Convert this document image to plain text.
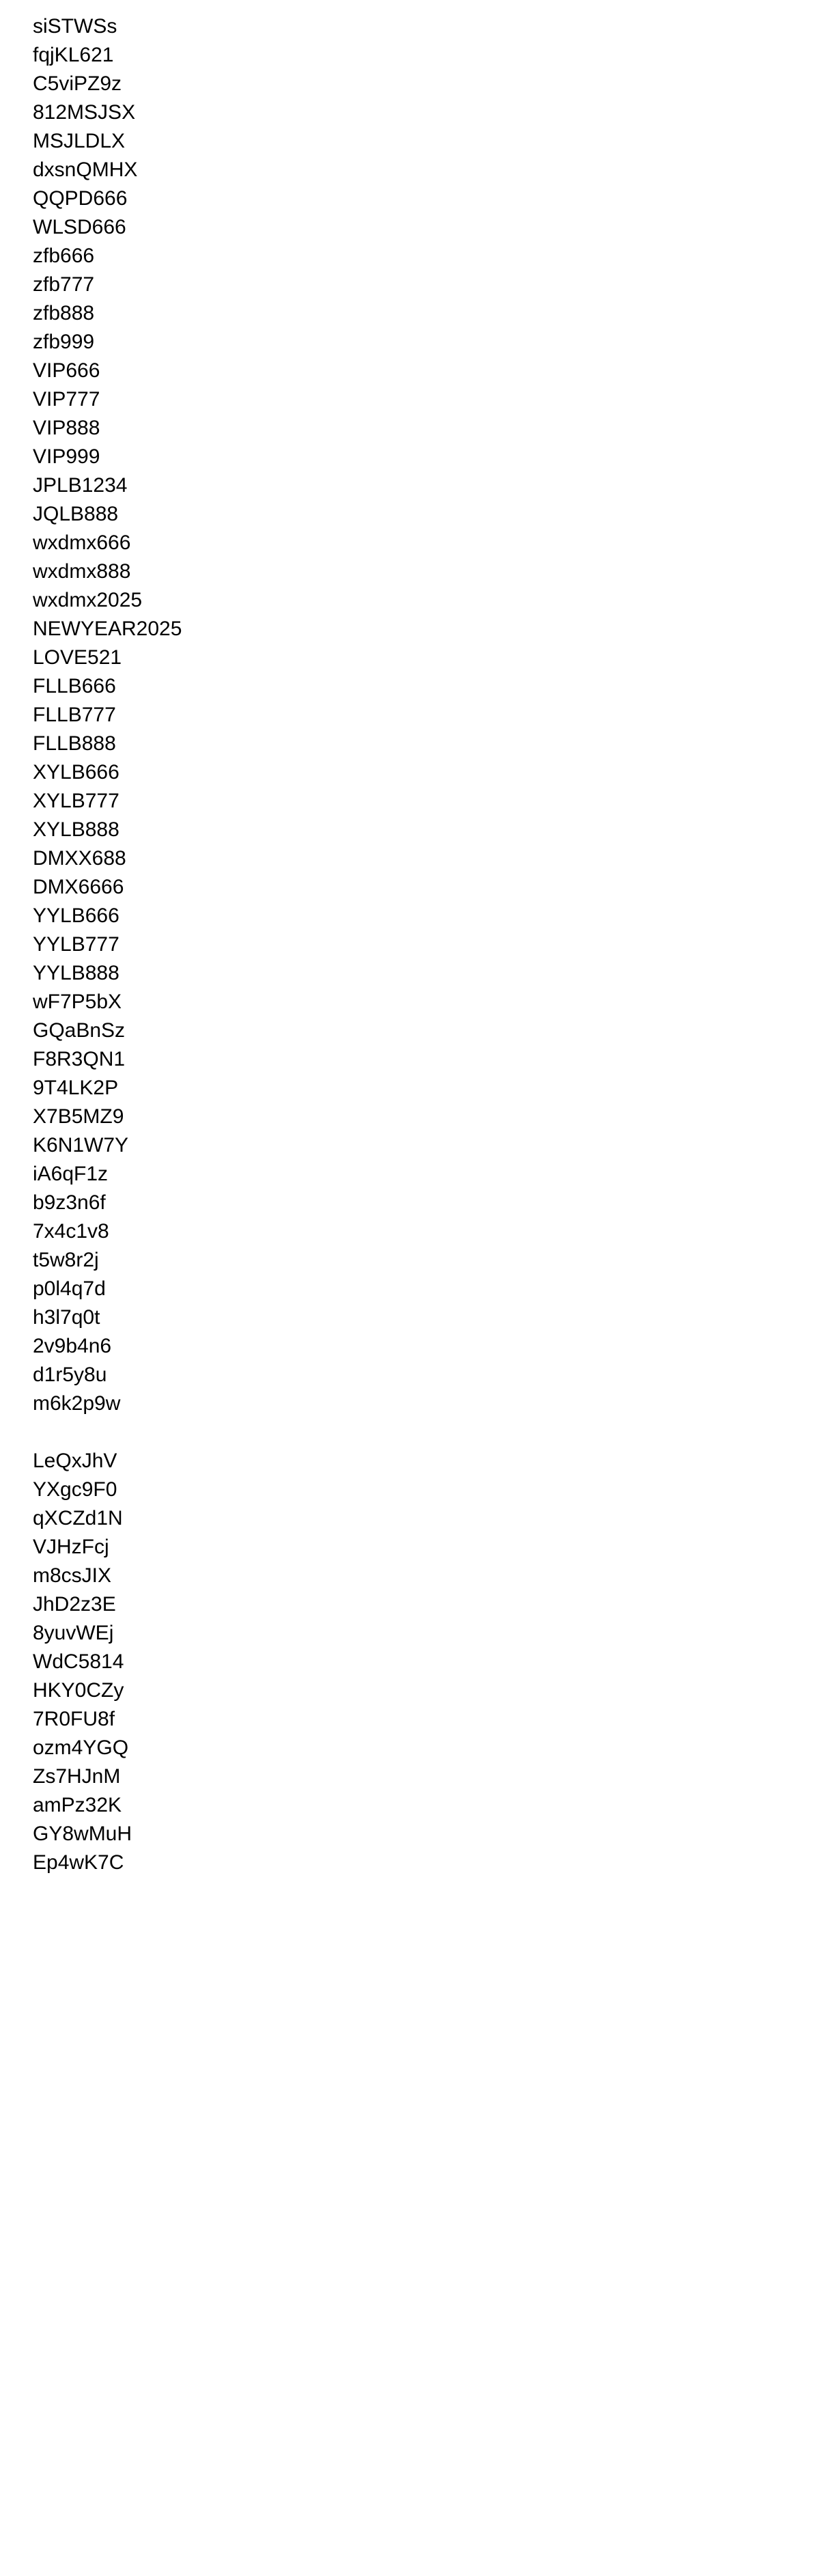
siSTWSs
fqjKL621
C5viPZ9z
812MSJSX
MSJLDLX
dxsnQMHX
QQPD666
WLSD666
zfb666
zfb777
zfb888
zfb999
VIP666
VIP777
VIP888
VIP999
JPLB1234
JQLB888
wxdmx666
wxdmx888
wxdmx2025
NEWYEAR2025
LOVE521
FLLB666
FLLB777
FLLB888
XYLB666
XYLB777
XYLB888
DMXX688
DMX6666
YYLB666
YYLB777
YYLB888
wF7P5bX
GQaBnSz
F8R3QN1
9T4LK2P
X7B5MZ9
K6N1W7Y
iA6qF1z
b9z3n6f
7x4c1v8
t5w8r2j
p0l4q7d
h3l7q0t
2v9b4n6
d1r5y8u
m6k2p9w
LeQxJhV
YXgc9F0
qXCZd1N
VJHzFcj
m8csJIX
JhD2z3E
8yuvWEj
WdC5814
HKY0CZy
7R0FU8f
ozm4YGQ
Zs7HJnM
amPz32K
GY8wMuH
Ep4wK7C
